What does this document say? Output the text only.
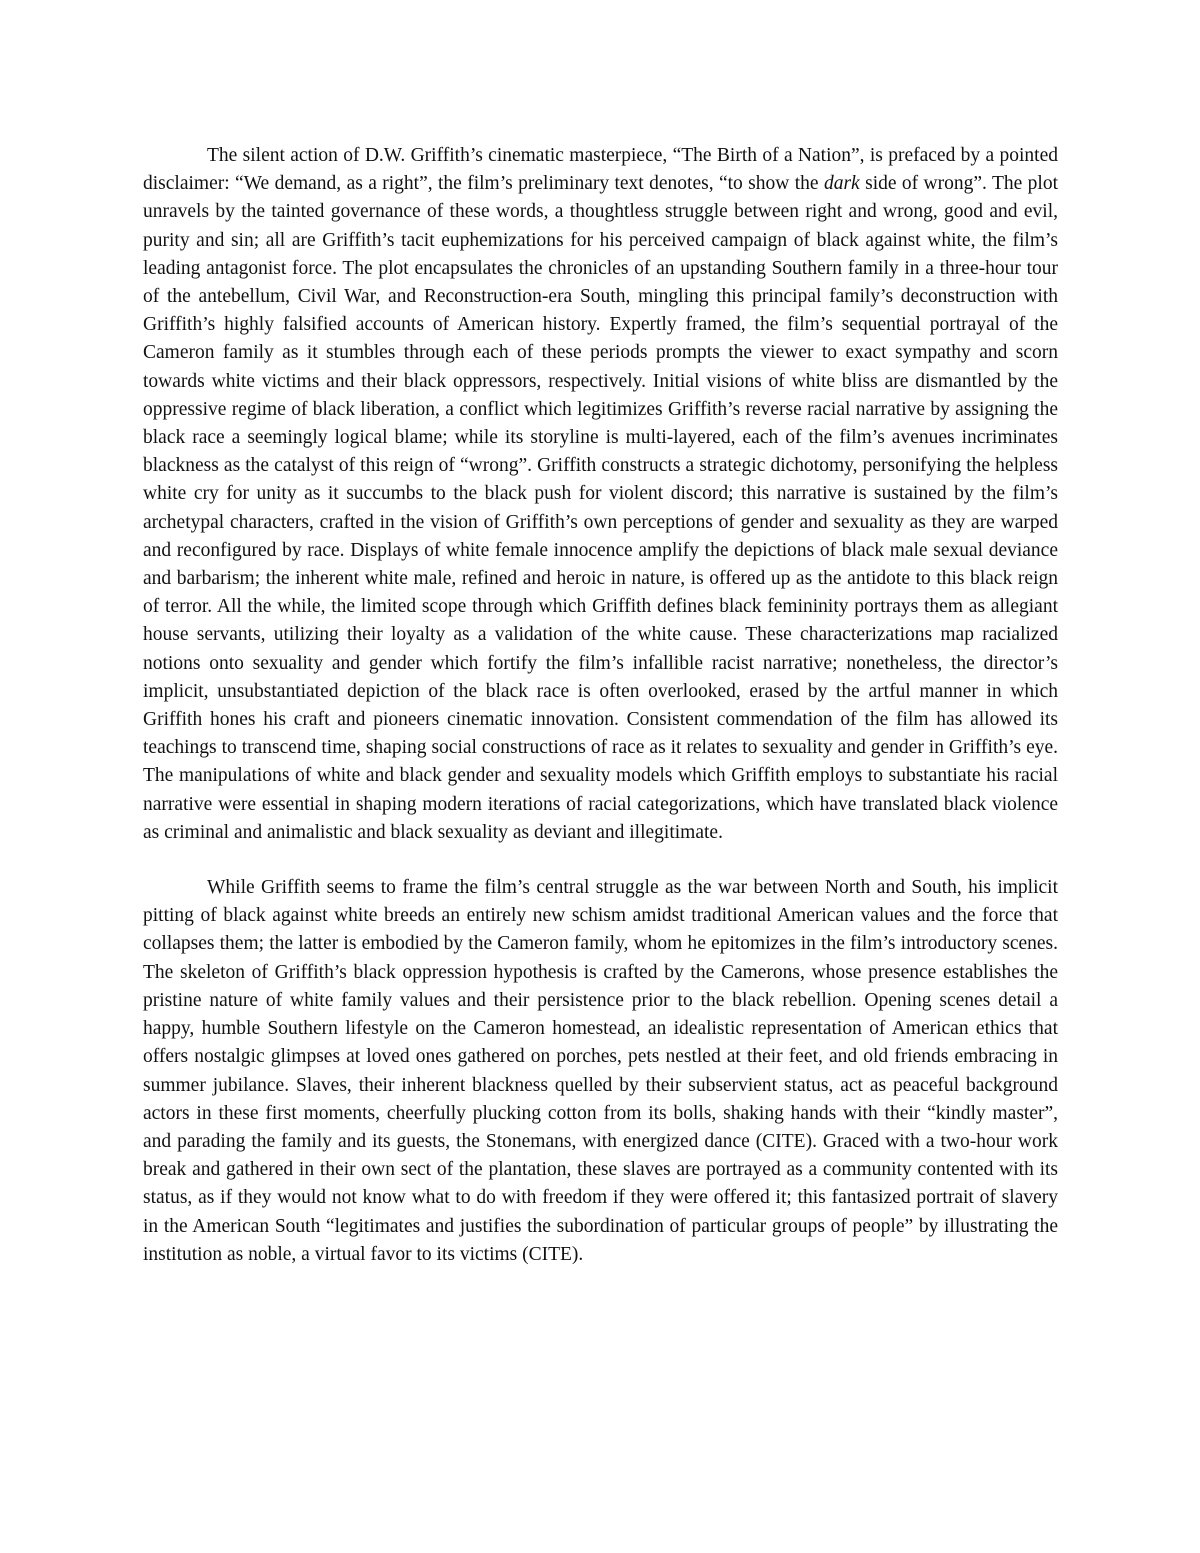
The silent action of D.W. Griffith’s cinematic masterpiece, “The Birth of a Nation”, is prefaced by a pointed disclaimer: “We demand, as a right”, the film’s preliminary text denotes, “to show the dark side of wrong”. The plot unravels by the tainted governance of these words, a thoughtless struggle between right and wrong, good and evil, purity and sin; all are Griffith’s tacit euphemizations for his perceived campaign of black against white, the film’s leading antagonist force. The plot encapsulates the chronicles of an upstanding Southern family in a three-hour tour of the antebellum, Civil War, and Reconstruction-era South, mingling this principal family’s deconstruction with Griffith’s highly falsified accounts of American history. Expertly framed, the film’s sequential portrayal of the Cameron family as it stumbles through each of these periods prompts the viewer to exact sympathy and scorn towards white victims and their black oppressors, respectively. Initial visions of white bliss are dismantled by the oppressive regime of black liberation, a conflict which legitimizes Griffith’s reverse racial narrative by assigning the black race a seemingly logical blame; while its storyline is multi-layered, each of the film’s avenues incriminates blackness as the catalyst of this reign of “wrong”. Griffith constructs a strategic dichotomy, personifying the helpless white cry for unity as it succumbs to the black push for violent discord; this narrative is sustained by the film’s archetypal characters, crafted in the vision of Griffith’s own perceptions of gender and sexuality as they are warped and reconfigured by race. Displays of white female innocence amplify the depictions of black male sexual deviance and barbarism; the inherent white male, refined and heroic in nature, is offered up as the antidote to this black reign of terror. All the while, the limited scope through which Griffith defines black femininity portrays them as allegiant house servants, utilizing their loyalty as a validation of the white cause. These characterizations map racialized notions onto sexuality and gender which fortify the film’s infallible racist narrative; nonetheless, the director’s implicit, unsubstantiated depiction of the black race is often overlooked, erased by the artful manner in which Griffith hones his craft and pioneers cinematic innovation. Consistent commendation of the film has allowed its teachings to transcend time, shaping social constructions of race as it relates to sexuality and gender in Griffith’s eye. The manipulations of white and black gender and sexuality models which Griffith employs to substantiate his racial narrative were essential in shaping modern iterations of racial categorizations, which have translated black violence as criminal and animalistic and black sexuality as deviant and illegitimate.

While Griffith seems to frame the film’s central struggle as the war between North and South, his implicit pitting of black against white breeds an entirely new schism amidst traditional American values and the force that collapses them; the latter is embodied by the Cameron family, whom he epitomizes in the film’s introductory scenes. The skeleton of Griffith’s black oppression hypothesis is crafted by the Camerons, whose presence establishes the pristine nature of white family values and their persistence prior to the black rebellion. Opening scenes detail a happy, humble Southern lifestyle on the Cameron homestead, an idealistic representation of American ethics that offers nostalgic glimpses at loved ones gathered on porches, pets nestled at their feet, and old friends embracing in summer jubilance. Slaves, their inherent blackness quelled by their subservient status, act as peaceful background actors in these first moments, cheerfully plucking cotton from its bolls, shaking hands with their “kindly master”, and parading the family and its guests, the Stonemans, with energized dance (CITE). Graced with a two-hour work break and gathered in their own sect of the plantation, these slaves are portrayed as a community contented with its status, as if they would not know what to do with freedom if they were offered it; this fantasized portrait of slavery in the American South “legitimates and justifies the subordination of particular groups of people” by illustrating the institution as noble, a virtual favor to its victims (CITE).
